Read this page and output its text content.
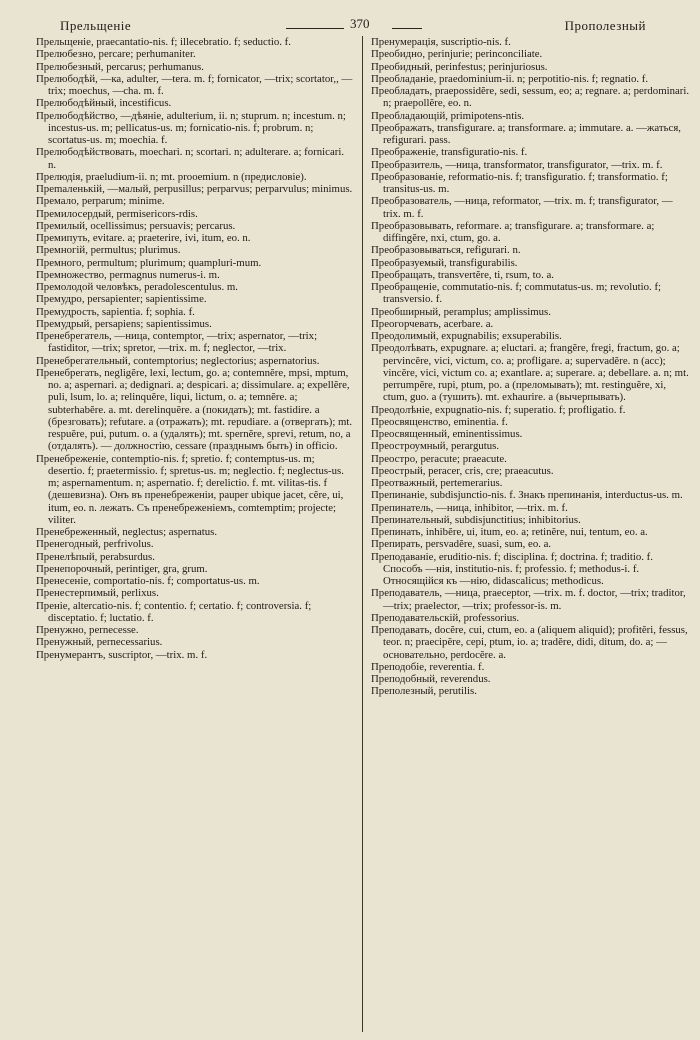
Прельщеніе	370	Прополезный
Прельщеніе, praecantatio-nis. f; illecebratio. f; seductio. f.
Прелюбезно, percare; perhumaniter.
Прелюбезный, percarus; perhumanus.
Прелюбодѣй, —ка, adulter, —tera. m. f; fornicator, —trix; scortator,, —trix; moechus, —cha. m. f.
Прелюбодѣйный, incestificus.
Прелюбодѣйство, —дѣяніе, adulterium, ii. n; stuprum. n; incestum. n; incestus-us. m; pellicatus-us. m; fornicatio-nis. f; probrum. n; scortatus-us. m; moechia. f.
Прелюбодѣйствовать, moechari. n; scortari. n; adulterare. a; fornicari. n.
Прелюдія, praeludium-ii. n; mt. prooemium. n (предисловіе).
Прemaленькій, —малый, perpusillus; perparvus; perparvulus; minimus.
Премало, perparum; minime.
Премилосердый, permisericors-rdis.
Премилый, ocellissimus; persuavis; percarus.
Премипуть, evitare. a; praeterire, ivi, itum, eo. n.
Премногій, permultus; plurimus.
Премного, permultum; plurimum; quampluri-mum.
Премножество, permagnus numerus-i. m.
Премолодой человѣкъ, peradolescentulus. m.
Премудро, persapienter; sapientissime.
Премудрость, sapientia. f; sophia. f.
Премудрый, persapiens; sapientissimus.
Пренебрегатель, —ница, contemptor, —trix; aspernator, —trix; fastiditor, —trix; spretor, —trix. m. f; neglector, —trix.
Пренебрегательный, contemptorius; neglectorius; aspernatorius.
Пренебрегать, negligĕre, lexi, lectum, go. a; contemnĕre, mpsi, mptum, no. a; aspernari. a; dedignari. a; despicari. a; dissimulare. a; expellĕre, puli, lsum, lo. a; relinquĕre, liqui, lictum, o. a; temnĕre. a; subterhabĕre. a. mt. derelinquĕre. a (покидать); mt. fastidire. a (брезговать); refutare. a (отражать); mt. repudiare. a (отвергать); mt. respuĕre, pui, putum. o. a (удалять); mt. spernĕre, sprevi, retum, no, a (отдалять). — должностію, cessare (празднымъ быть) in officio.
Пренебреженіе, contemptio-nis. f; spretio. f; contemptus-us. m; desertio. f; praetermissio. f; spretus-us. m; neglectio. f; neglectus-us. m; aspernamentum. n; aspernatio. f; derelictio. f. mt. vilitas-tis. f (дешевизна). Онъ въ пренебреженіи, pauper ubique jacet, cĕre, ui, itum, eo. n. лежать. Съ пренебреженіемъ, comtemptim; projecte; viliter.
Пренебреженный, neglectus; aspernatus.
Пренегодный, perfrivolus.
Пренелѣпый, perabsurdus.
Пренепорочный, perintiger, gra, grum.
Пренесеніе, comportatio-nis. f; comportatus-us. m.
Пренестерпимый, perlixus.
Преніе, altercatio-nis. f; contentio. f; certatio. f; controversia. f; disceptatio. f; luctatio. f.
Пренужно, pernecesse.
Пренужный, pernecessarius.
Пренумерантъ, suscriptor, —trix. m. f.
Пренумерація, suscriptio-nis. f.
Преобидно, perinjurie; perinconciliate.
Преобидный, perinfestus; perinjuriosus.
Преобладаніе, praedominium-ii. n; perpotitio-nis. f; regnatio. f.
Преобладать, praepossidĕre, sedi, sessum, eo; a; regnare. a; perdominari. n; praepollĕre, eo. n.
Преобладающій, primipotens-ntis.
Преображать, transfigurare. a; transformare. a; immutare. a. —жаться, refigurari. pass.
Преображеніе, transfiguratio-nis. f.
Преобразитель, —ница, transformator, transfigurator, —trix. m. f.
Преобразованіе, reformatio-nis. f; transfiguratio. f; transformatio. f; transitus-us. m.
Преобразователь, —ница, reformator, —trix. m. f; transfigurator, —trix. m. f.
Преобразовывать, reformare. a; transfigurare. a; transformare. a; diffingĕre, nxi, ctum, go. a.
Преобразовываться, refigurari. n.
Преобразуемый, transfigurabilis.
Преобращать, transvertĕre, ti, rsum, to. a.
Преобращеніе, commutatio-nis. f; commutatus-us. m; revolutio. f; transversio. f.
Преобширный, peramplus; amplissimus.
Преогорчевать, acerbare. a.
Преодолимый, expugnabilis; exsuperabilis.
Преодолѣвать, expugnare. a; eluctari. a; frangĕre, fregi, fractum, go. a; pervincĕre, vici, victum, co. a; profligare. a; supervadĕre. n (acc); vincĕre, vici, victum co. a; exantlare. a; superare. a; debellare. a. n; mt. perrumpĕre, rupi, ptum, po. a (преломывать); mt. restinguĕre, xi, ctum, guo. a (тушить). mt. exhaurire. a (вычерпывать).
Преодолѣніе, expugnatio-nis. f; superatio. f; profligatio. f.
Преосвященство, eminentia. f.
Преосвященный, eminentissimus.
Преостроумный, perargutus.
Преостро, peracute; praeacute.
Преострый, peracer, cris, cre; praeacutus.
Преотважный, pertemerarius.
Препинаніе, subdisjunctio-nis. f. Знакъ препинанія, interductus-us. m.
Препинатель, —ница, inhibitor, —trix. m. f.
Препинательный, subdisjunctitius; inhibitorius.
Препинать, inhibĕre, ui, itum, eo. a; retinĕre, nui, tentum, eo. a.
Препирать, persvadĕre, suasi, sum, eo. a.
Преподаваніе, eruditio-nis. f; disciplina. f; doctrina. f; traditio. f. Способъ —нія, institutio-nis. f; professio. f; methodus-i. f. Относящійся къ —нію, didascalicus; methodicus.
Преподаватель, —ница, praeceptor, —trix. m. f. doctor, —trix; traditor, —trix; praelector, —trix; professor-is. m.
Преподавательскій, professorius.
Преподавать, docĕre, cui, ctum, eo. a (aliquem aliquid); profitĕri, fessus, teor. n; praecipĕre, cepi, ptum, io. a; tradĕre, didi, ditum, do. a; —основательно, perdocĕre. a.
Преподобіе, reverentia. f.
Преподобный, reverendus.
Преполезный, perutilis.
